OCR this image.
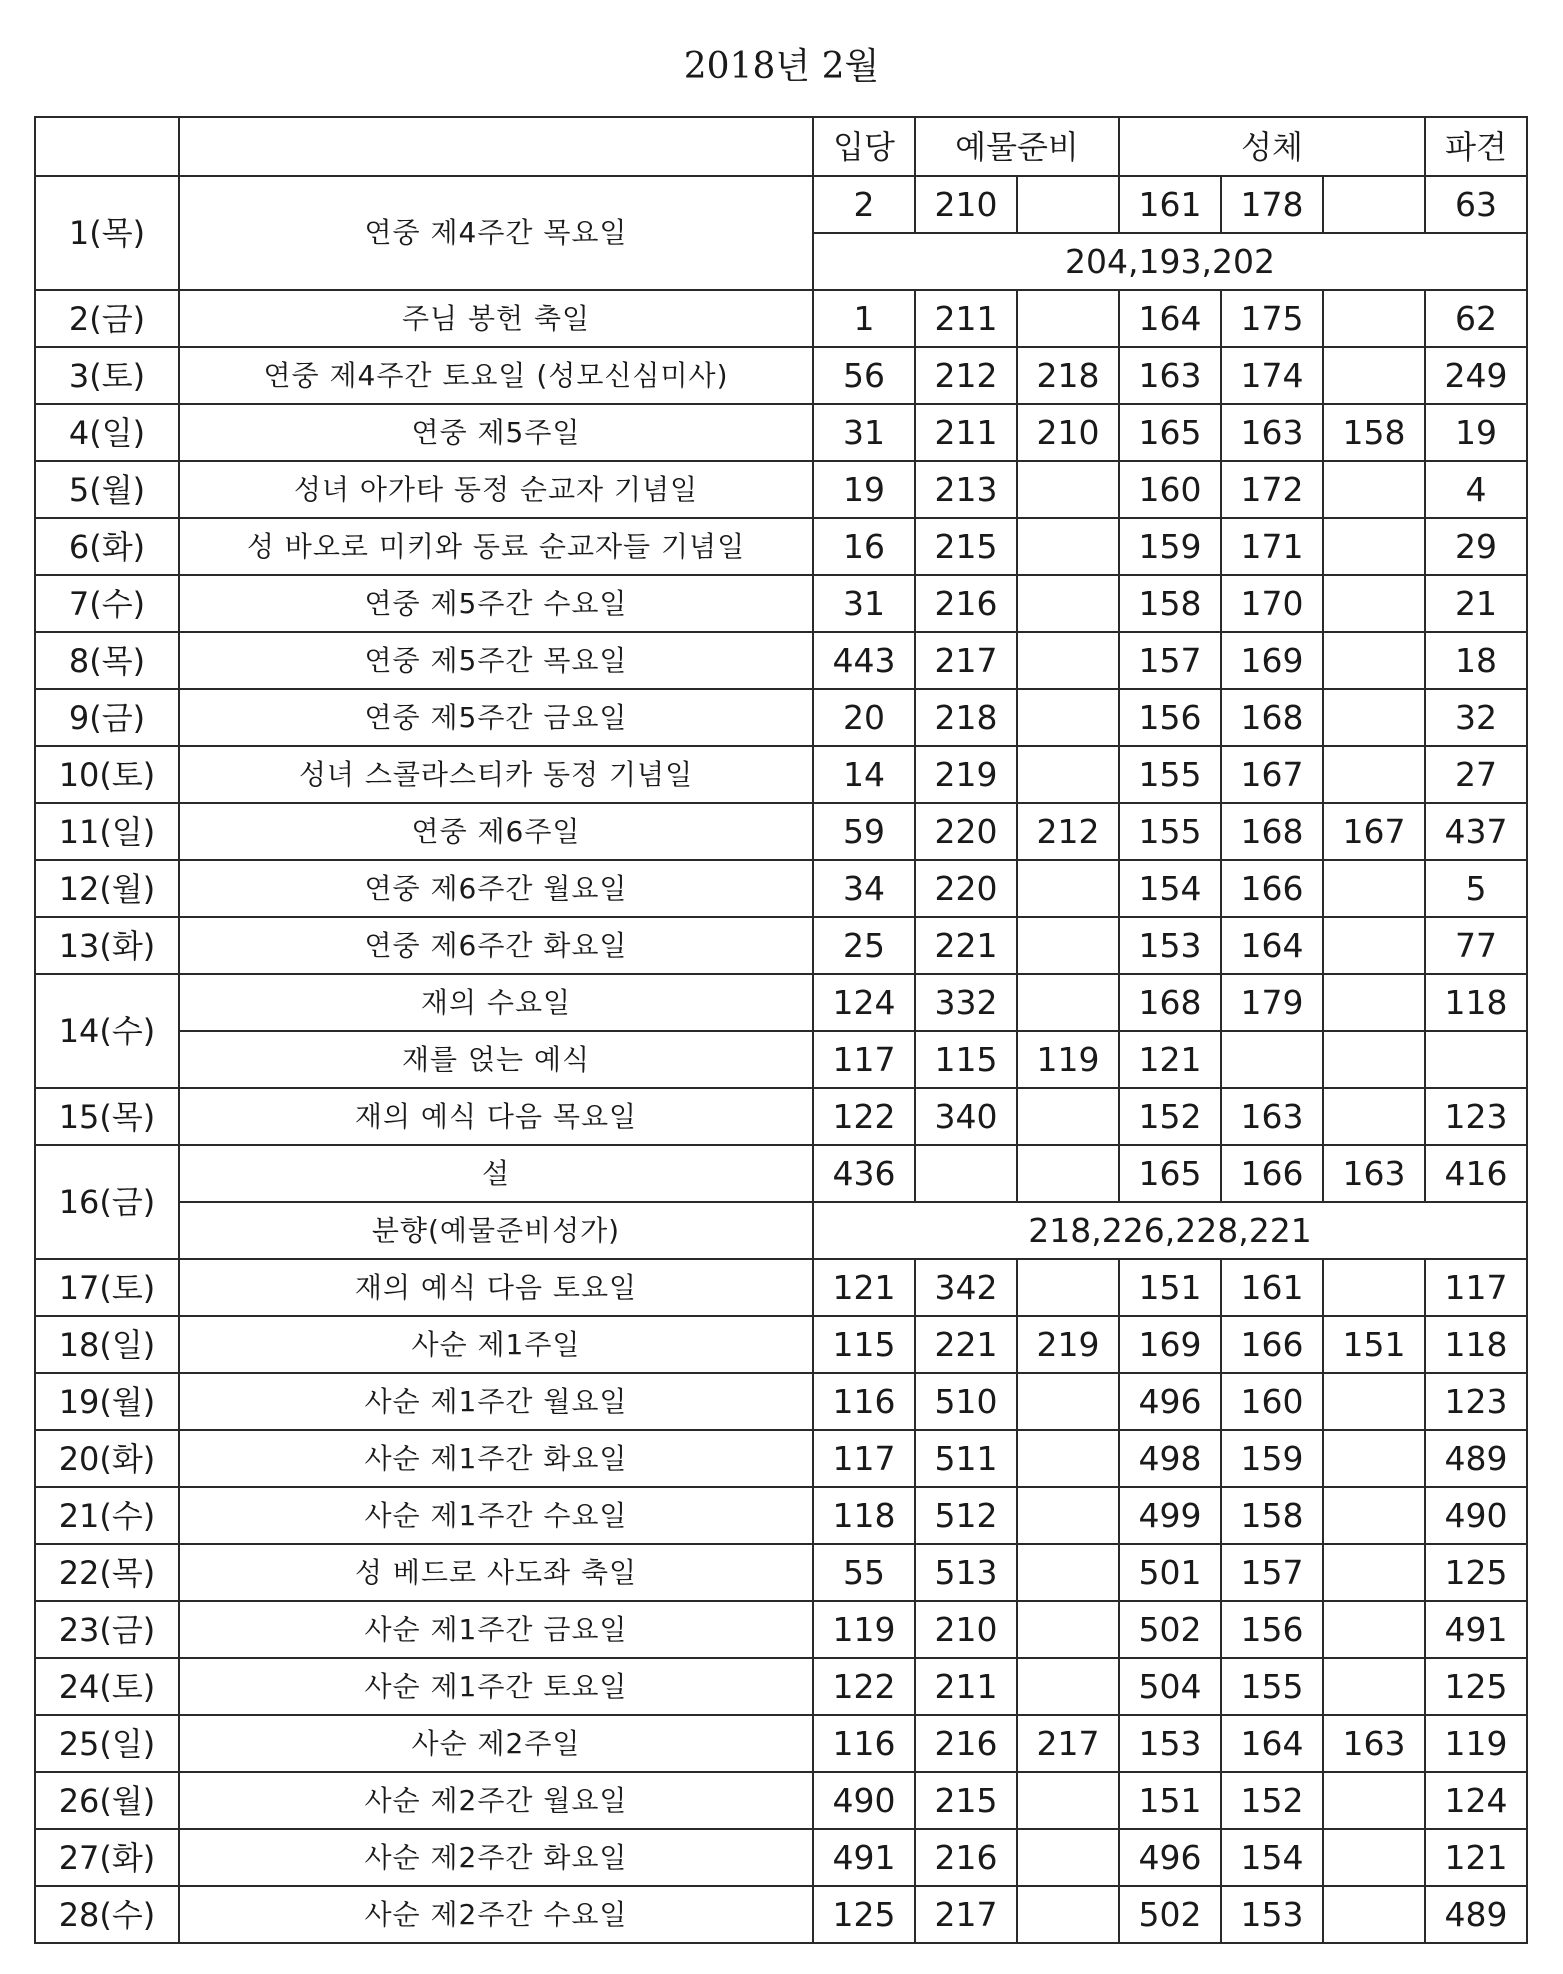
2018년 2월
		입당	예물준비		성체			파견
1(목)	연중 제4주간 목요일	2	210		161	178		63
		204,193,202						
2(금)	주님 봉헌 축일	1	211		164	175		62
3(토)	연중 제4주간 토요일 (성모신심미사)	56	212	218	163	174		249
4(일)	연중 제5주일	31	211	210	165	163	158	19
5(월)	성녀 아가타 동정 순교자 기념일	19	213		160	172		4
6(화)	성 바오로 미키와 동료 순교자들 기념일	16	215		159	171		29
7(수)	연중 제5주간 수요일	31	216		158	170		21
8(목)	연중 제5주간 목요일	443	217		157	169		18
9(금)	연중 제5주간 금요일	20	218		156	168		32
10(토)	성녀 스콜라스티카 동정 기념일	14	219		155	167		27
11(일)	연중 제6주일	59	220	212	155	168	167	437
12(월)	연중 제6주간 월요일	34	220		154	166		5
13(화)	연중 제6주간 화요일	25	221		153	164		77
14(수)	재의 수요일	124	332		168	179		118
	재를 얹는 예식	117	115	119	121			
15(목)	재의 예식 다음 목요일	122	340		152	163		123
16(금)	설	436			165	166	163	416
	분향(예물준비성가)	218,226,228,221						
17(토)	재의 예식 다음 토요일	121	342		151	161		117
18(일)	사순 제1주일	115	221	219	169	166	151	118
19(월)	사순 제1주간 월요일	116	510		496	160		123
20(화)	사순 제1주간 화요일	117	511		498	159		489
21(수)	사순 제1주간 수요일	118	512		499	158		490
22(목)	성 베드로 사도좌 축일	55	513		501	157		125
23(금)	사순 제1주간 금요일	119	210		502	156		491
24(토)	사순 제1주간 토요일	122	211		504	155		125
25(일)	사순 제2주일	116	216	217	153	164	163	119
26(월)	사순 제2주간 월요일	490	215		151	152		124
27(화)	사순 제2주간 화요일	491	216		496	154		121
28(수)	사순 제2주간 수요일	125	217		502	153		489
